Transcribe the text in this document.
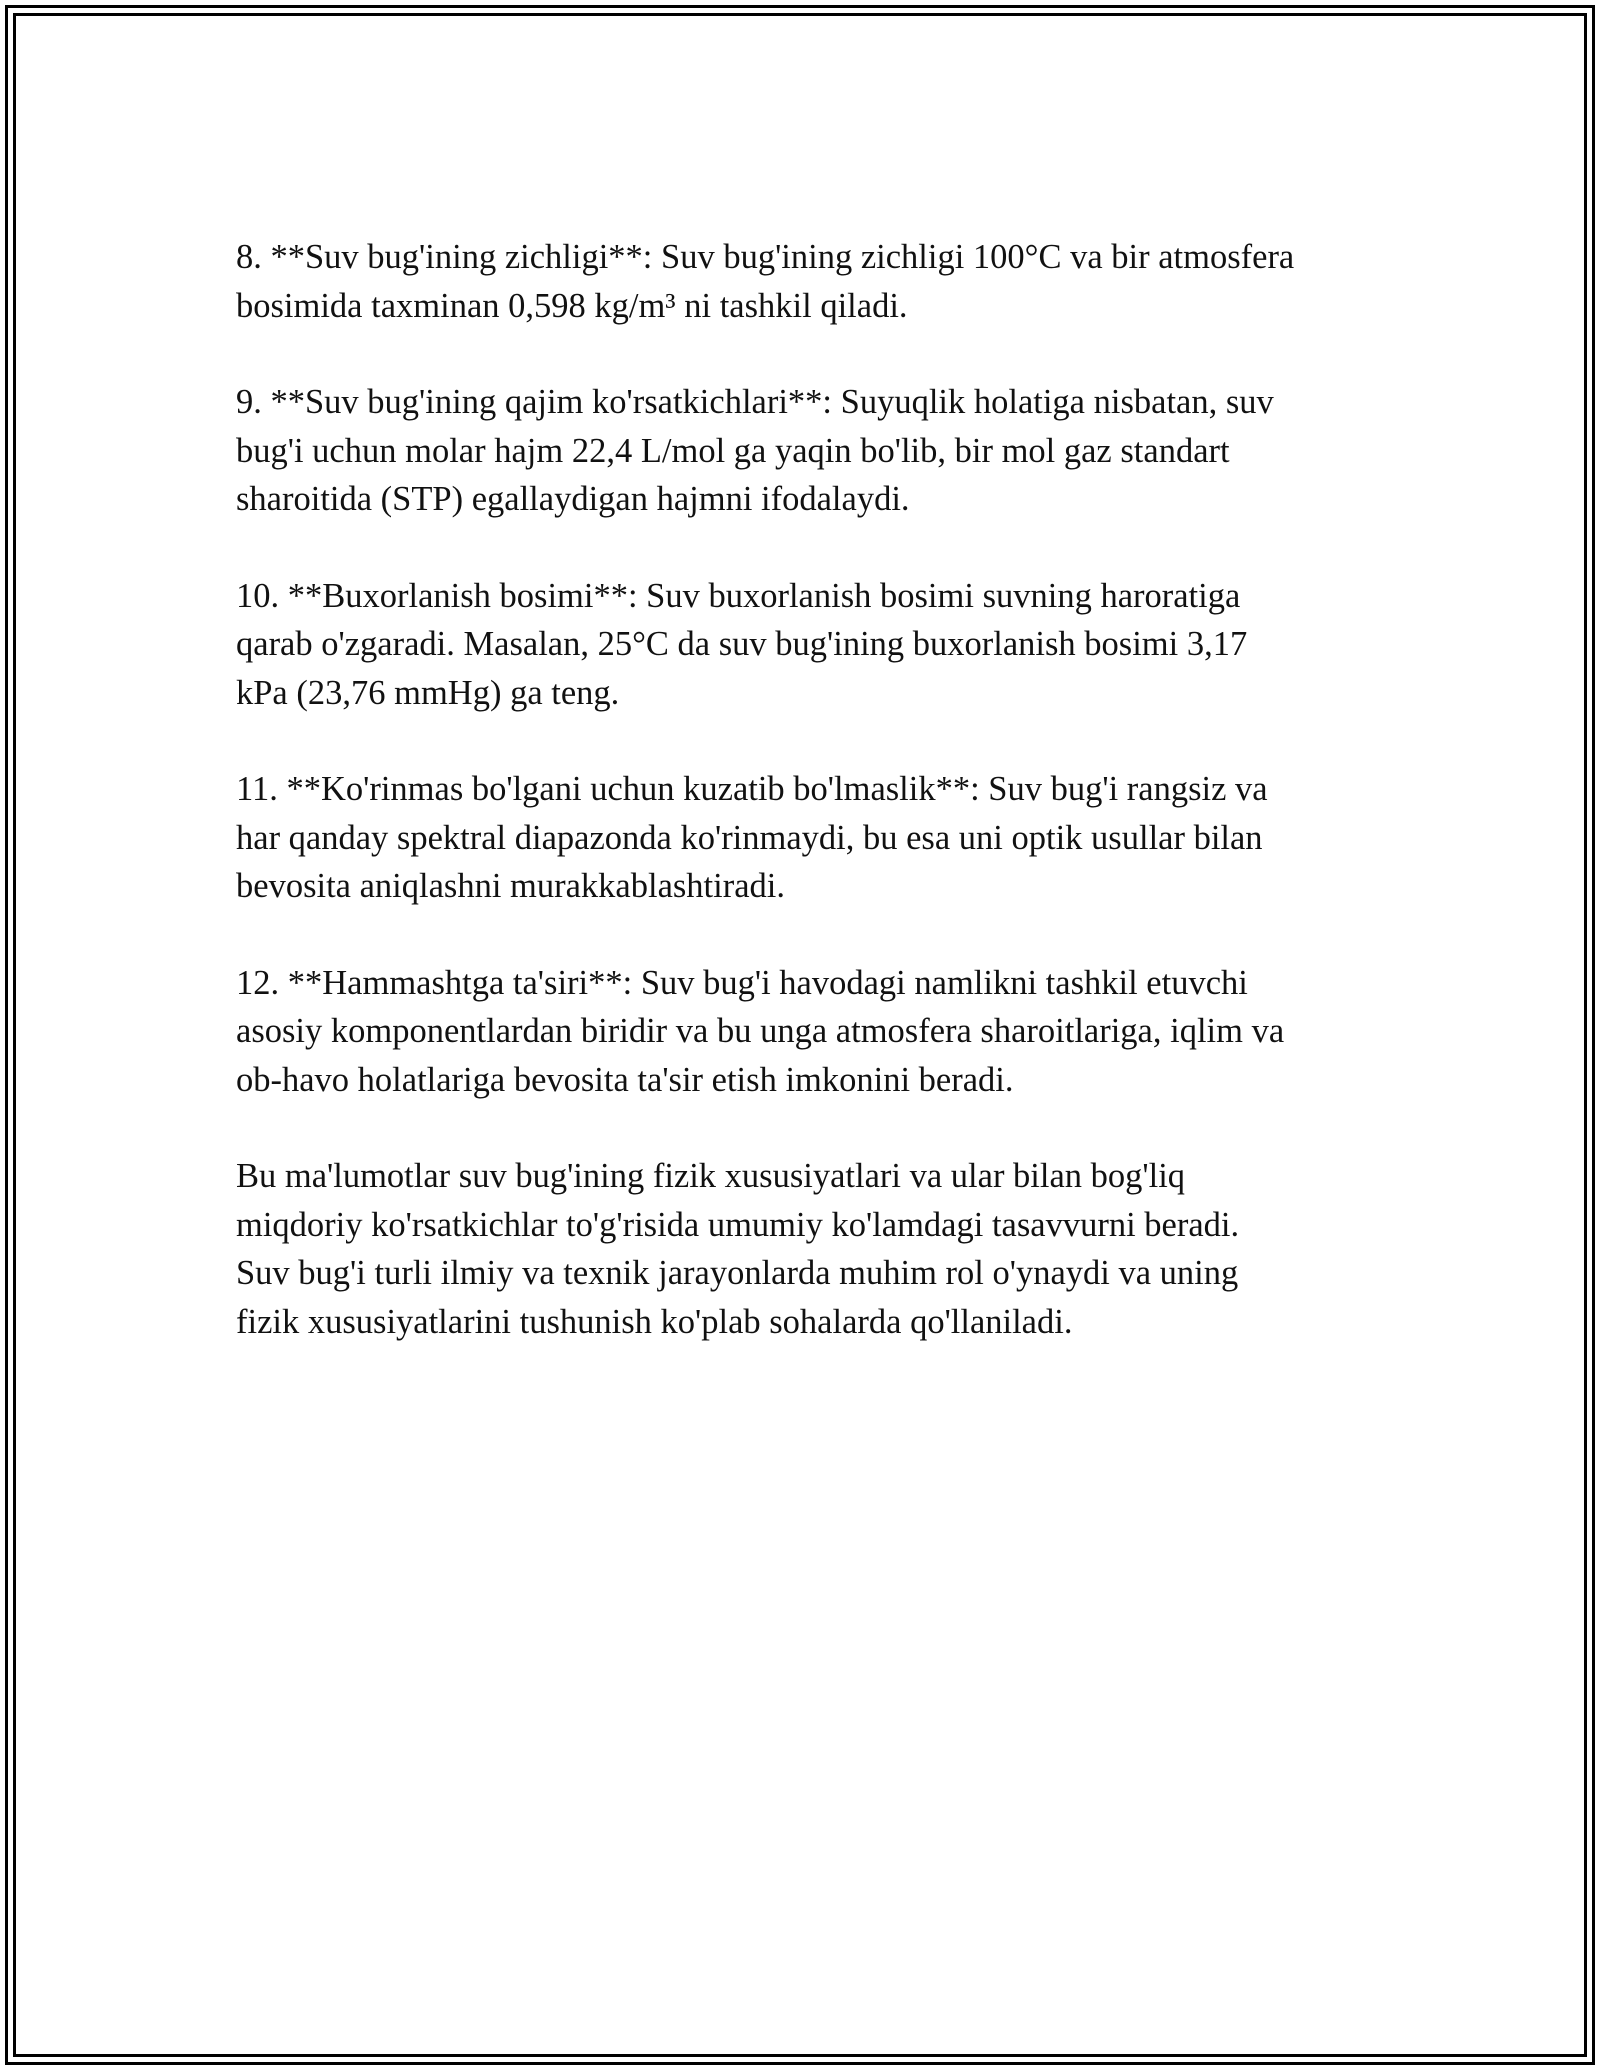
8. **Suv bug'ining zichligi**: Suv bug'ining zichligi 100°C va bir atmosfera
bosimida taxminan 0,598 kg/m³ ni tashkil qiladi.

9. **Suv bug'ining qajim ko'rsatkichlari**: Suyuqlik holatiga nisbatan, suv
bug'i uchun molar hajm 22,4 L/mol ga yaqin bo'lib, bir mol gaz standart
sharoitida (STP) egallaydigan hajmni ifodalaydi.

10. **Buxorlanish bosimi**: Suv buxorlanish bosimi suvning haroratiga
qarab o'zgaradi. Masalan, 25°C da suv bug'ining buxorlanish bosimi 3,17
kPa (23,76 mmHg) ga teng.

11. **Ko'rinmas bo'lgani uchun kuzatib bo'lmaslik**: Suv bug'i rangsiz va
har qanday spektral diapazonda ko'rinmaydi, bu esa uni optik usullar bilan
bevosita aniqlashni murakkablashtiradi.

12. **Hammashtga ta'siri**: Suv bug'i havodagi namlikni tashkil etuvchi
asosiy komponentlardan biridir va bu unga atmosfera sharoitlariga, iqlim va
ob-havo holatlariga bevosita ta'sir etish imkonini beradi.

Bu ma'lumotlar suv bug'ining fizik xususiyatlari va ular bilan bog'liq
miqdoriy ko'rsatkichlar to'g'risida umumiy ko'lamdagi tasavvurni beradi.
Suv bug'i turli ilmiy va texnik jarayonlarda muhim rol o'ynaydi va uning
fizik xususiyatlarini tushunish ko'plab sohalarda qo'llaniladi.
